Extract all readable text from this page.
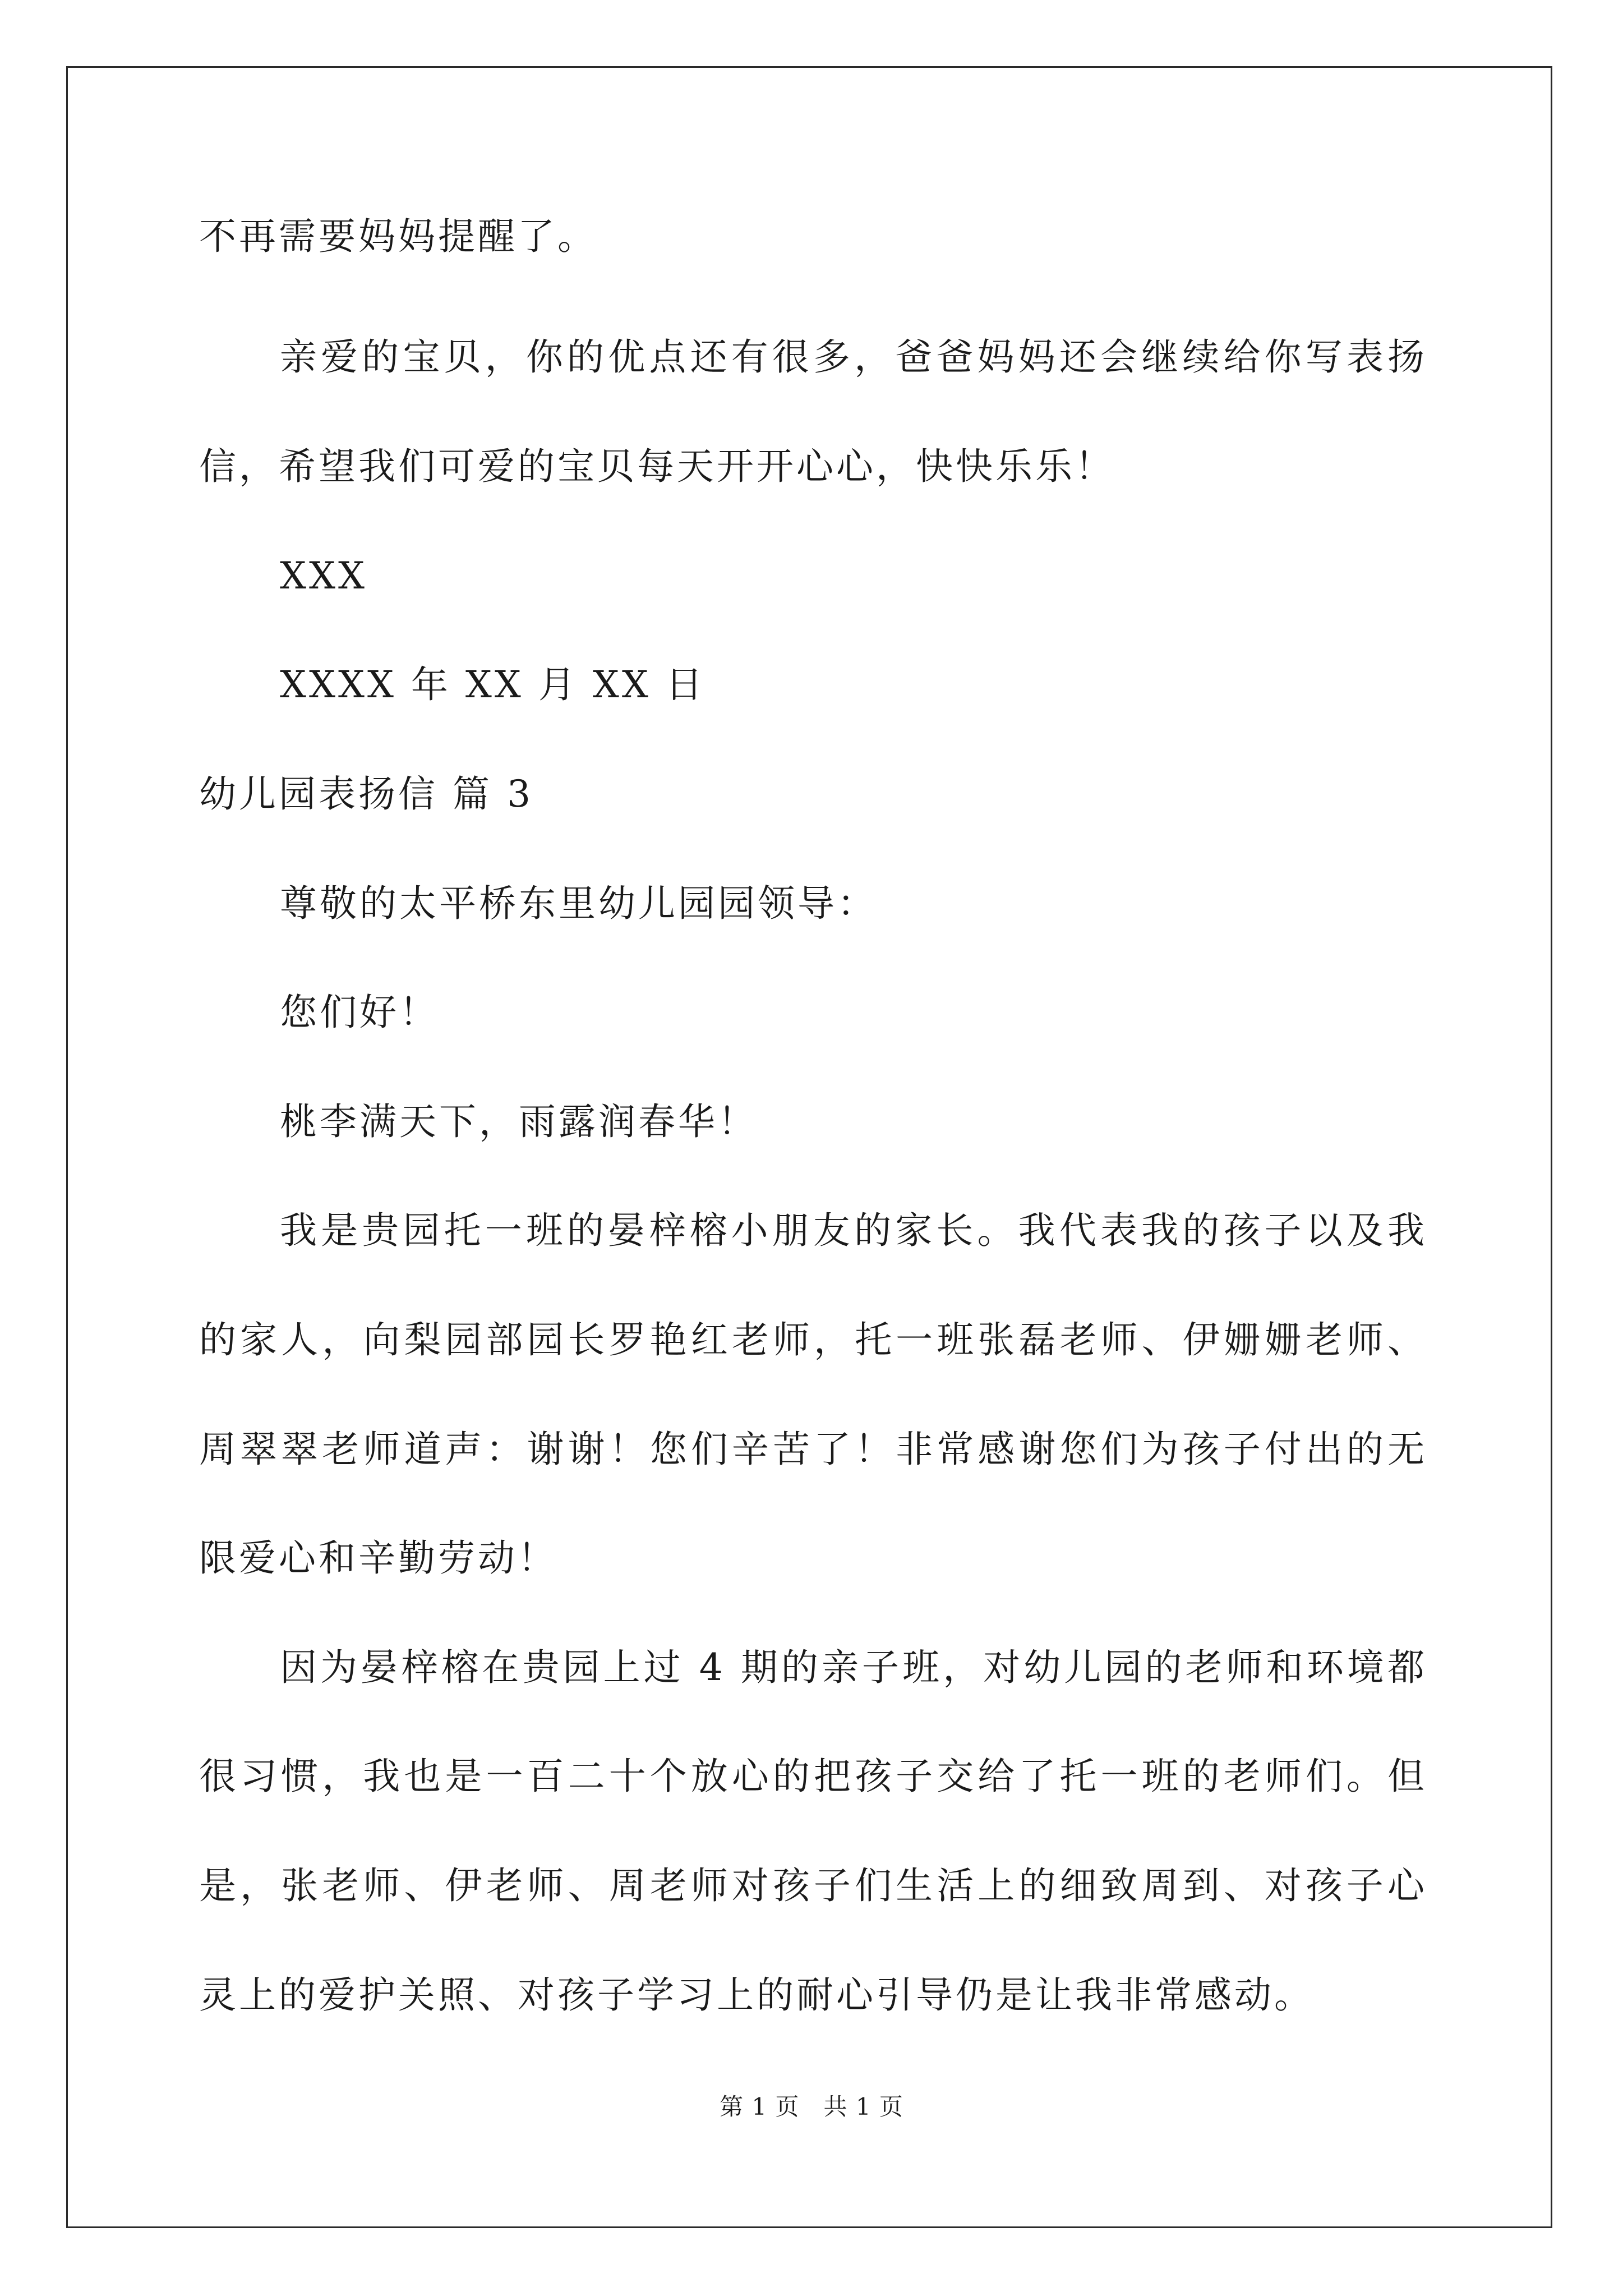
不再需要妈妈提醒了。
亲爱的宝贝，你的优点还有很多，爸爸妈妈还会继续给你写表扬
信，希望我们可爱的宝贝每天开开心心，快快乐乐！
XXX
XXXX 年 XX 月 XX 日
幼儿园表扬信 篇 3
尊敬的太平桥东里幼儿园园领导：
您们好！
桃李满天下，雨露润春华！
我是贵园托一班的晏梓榕小朋友的家长。我代表我的孩子以及我
的家人，向梨园部园长罗艳红老师，托一班张磊老师、伊姗姗老师、
周翠翠老师道声：谢谢！您们辛苦了！非常感谢您们为孩子付出的无
限爱心和辛勤劳动！
因为晏梓榕在贵园上过 4 期的亲子班，对幼儿园的老师和环境都
很习惯，我也是一百二十个放心的把孩子交给了托一班的老师们。但
是，张老师、伊老师、周老师对孩子们生活上的细致周到、对孩子心
灵上的爱护关照、对孩子学习上的耐心引导仍是让我非常感动。
第 1 页　共 1 页
